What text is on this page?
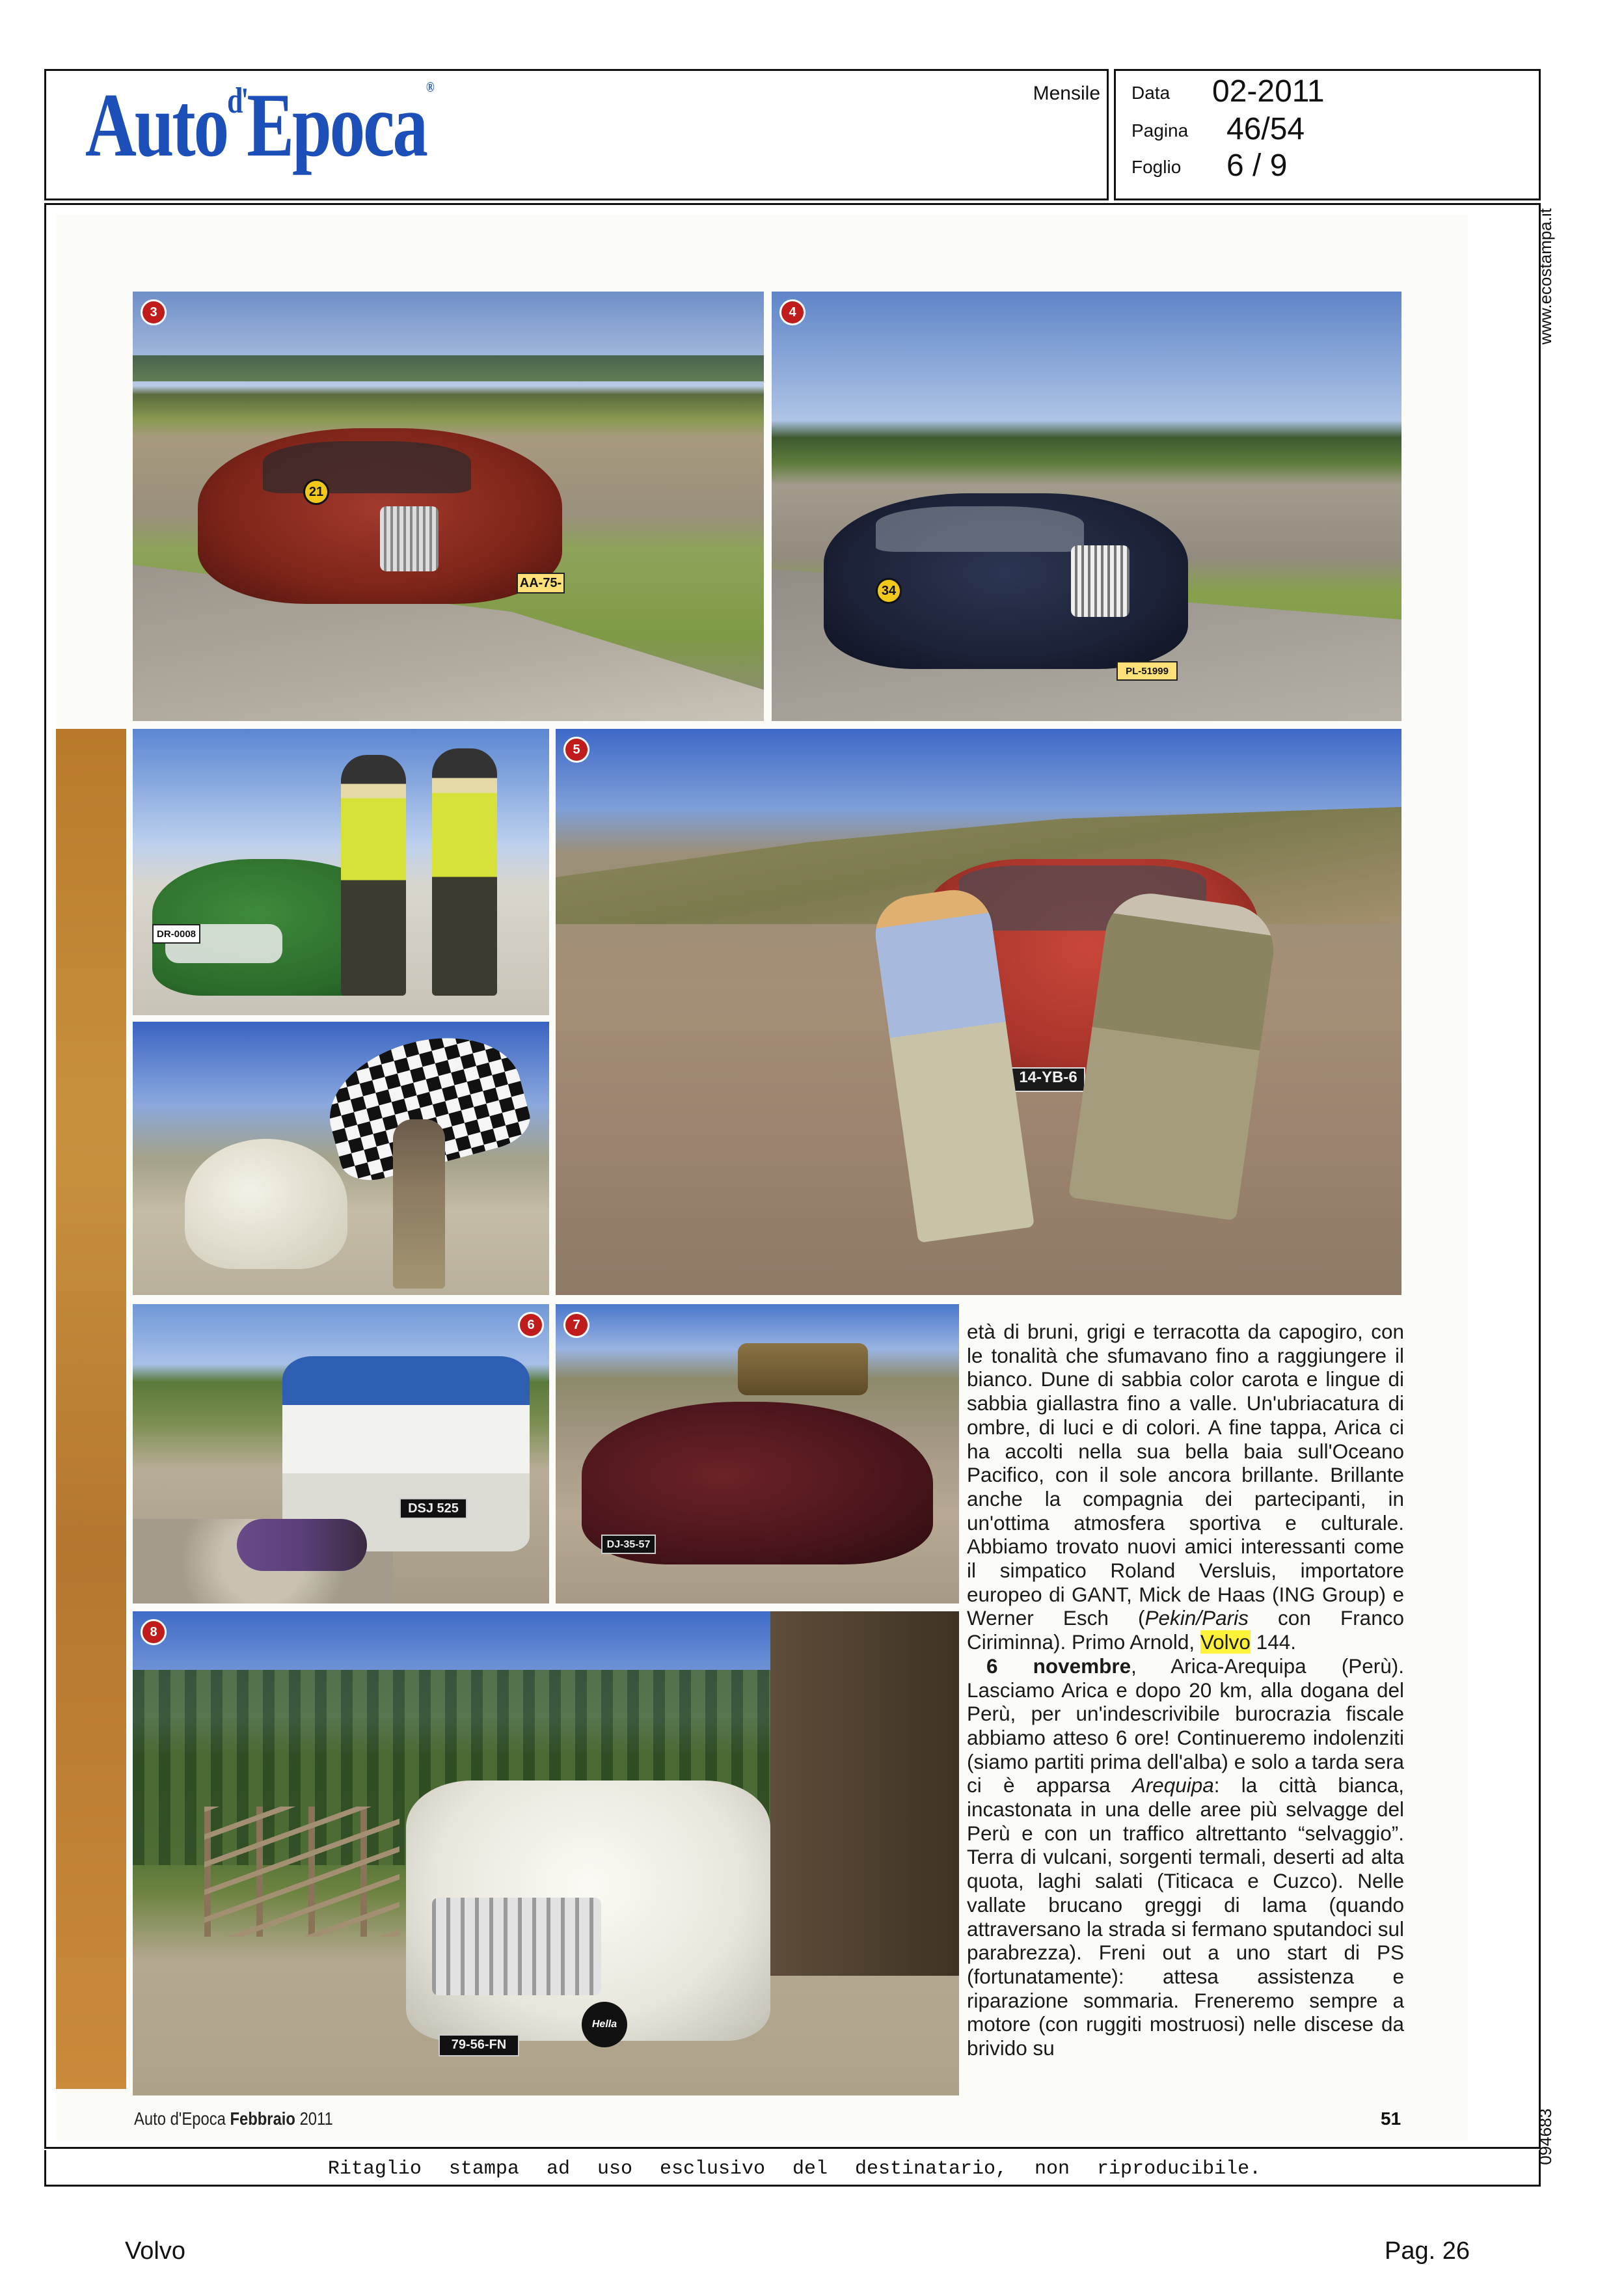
Auto$^{d'}$Epoca®	Mensile Data 02-2011
Pagina 46/54
Foglio 6 / 9
www.ecostampa.it
094683
AA-75-
21
3
PL-51999
34
4
DR-0008
14-YB-6
5
DSJ 525
6
DJ-35-57
7
79-56-FN
Hella
8

età di bruni, grigi e terracotta da capogiro, con le tonalità che sfumavano fino a raggiungere il bianco. Dune di sabbia color carota e lingue di sabbia giallastra fino a valle. Un'ubriacatura di ombre, di luci e di colori. A fine tappa, Arica ci ha accolti nella sua bella baia sull'Oceano Pacifico, con il sole ancora brillante. Brillante anche la compagnia dei partecipanti, in un'ottima atmosfera sportiva e culturale. Abbiamo trovato nuovi amici interessanti come il simpatico Roland Versluis, importatore europeo di GANT, Mick de Haas (ING Group) e Werner Esch (Pekin/Paris con Franco Ciriminna). Primo Arnold, Volvo 144.

6 novembre, Arica-Arequipa (Perù). Lasciamo Arica e dopo 20 km, alla dogana del Perù, per un'indescrivibile burocrazia fiscale abbiamo atteso 6 ore! Continueremo indolenziti (siamo partiti prima dell'alba) e solo a tarda sera ci è apparsa Arequipa: la città bianca, incastonata in una delle aree più selvagge del Perù e con un traffico altrettanto “selvaggio”. Terra di vulcani, sorgenti termali, deserti ad alta quota, laghi salati (Titicaca e Cuzco). Nelle vallate brucano greggi di lama (quando attraversano la strada si fermano sputandoci sul parabrezza). Freni out a uno start di PS (fortunatamente): attesa assistenza e riparazione sommaria. Freneremo sempre a motore (con ruggiti mostruosi) nelle discese da brivido su

Auto d'Epoca Febbraio 2011	51
Ritaglio stampa ad uso esclusivo del destinatario, non riproducibile.
Volvo	Pag. 26
